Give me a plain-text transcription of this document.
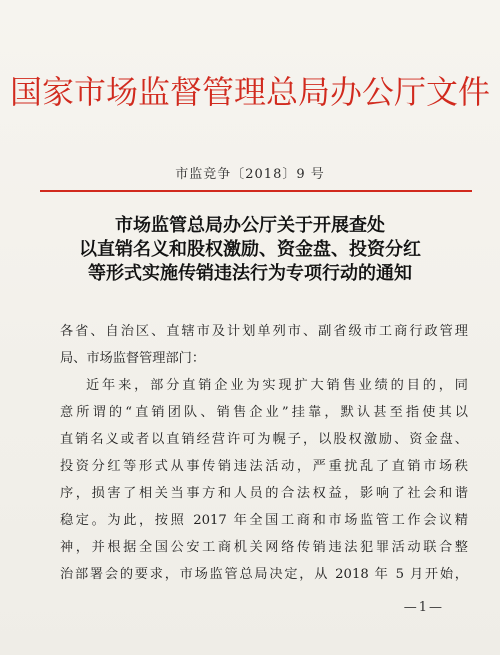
国家市场监督管理总局办公厅文件
市监竞争〔2018〕9 号
市场监管总局办公厅关于开展查处
以直销名义和股权激励、资金盘、投资分红
等形式实施传销违法行为专项行动的通知
各省、自治区、直辖市及计划单列市、副省级市工商行政管理
局、市场监督管理部门：
近年来，部分直销企业为实现扩大销售业绩的目的，同
意所谓的“直销团队、销售企业”挂靠，默认甚至指使其以
直销名义或者以直销经营许可为幌子，以股权激励、资金盘、
投资分红等形式从事传销违法活动，严重扰乱了直销市场秩
序，损害了相关当事方和人员的合法权益，影响了社会和谐
稳定。为此，按照 2017 年全国工商和市场监管工作会议精
神，并根据全国公安工商机关网络传销违法犯罪活动联合整
治部署会的要求，市场监管总局决定，从 2018 年 5 月开始，
—1—
